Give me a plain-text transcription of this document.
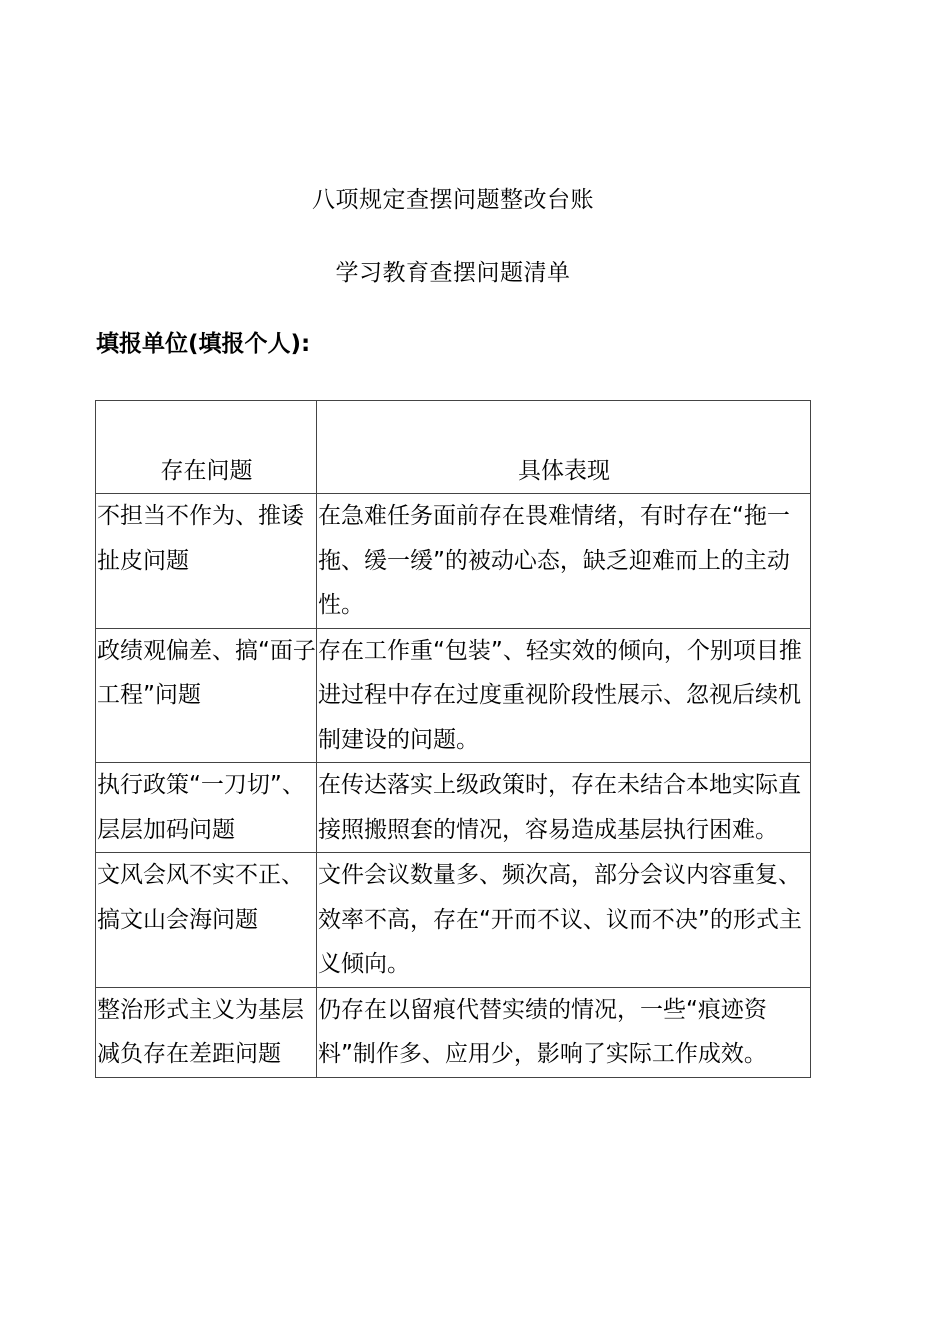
八项规定查摆问题整改台账
学习教育查摆问题清单
填报单位(填报个人):
存在问题	具体表现
不担当不作为、推诿扯皮问题	在急难任务面前存在畏难情绪，有时存在“拖一拖、缓一缓”的被动心态，缺乏迎难而上的主动性。
政绩观偏差、搞“面子工程”问题	存在工作重“包装”、轻实效的倾向，个别项目推进过程中存在过度重视阶段性展示、忽视后续机制建设的问题。
执行政策“一刀切”、层层加码问题	在传达落实上级政策时，存在未结合本地实际直接照搬照套的情况，容易造成基层执行困难。
文风会风不实不正、搞文山会海问题	文件会议数量多、频次高，部分会议内容重复、效率不高，存在“开而不议、议而不决”的形式主义倾向。
整治形式主义为基层减负存在差距问题	仍存在以留痕代替实绩的情况，一些“痕迹资料”制作多、应用少，影响了实际工作成效。
